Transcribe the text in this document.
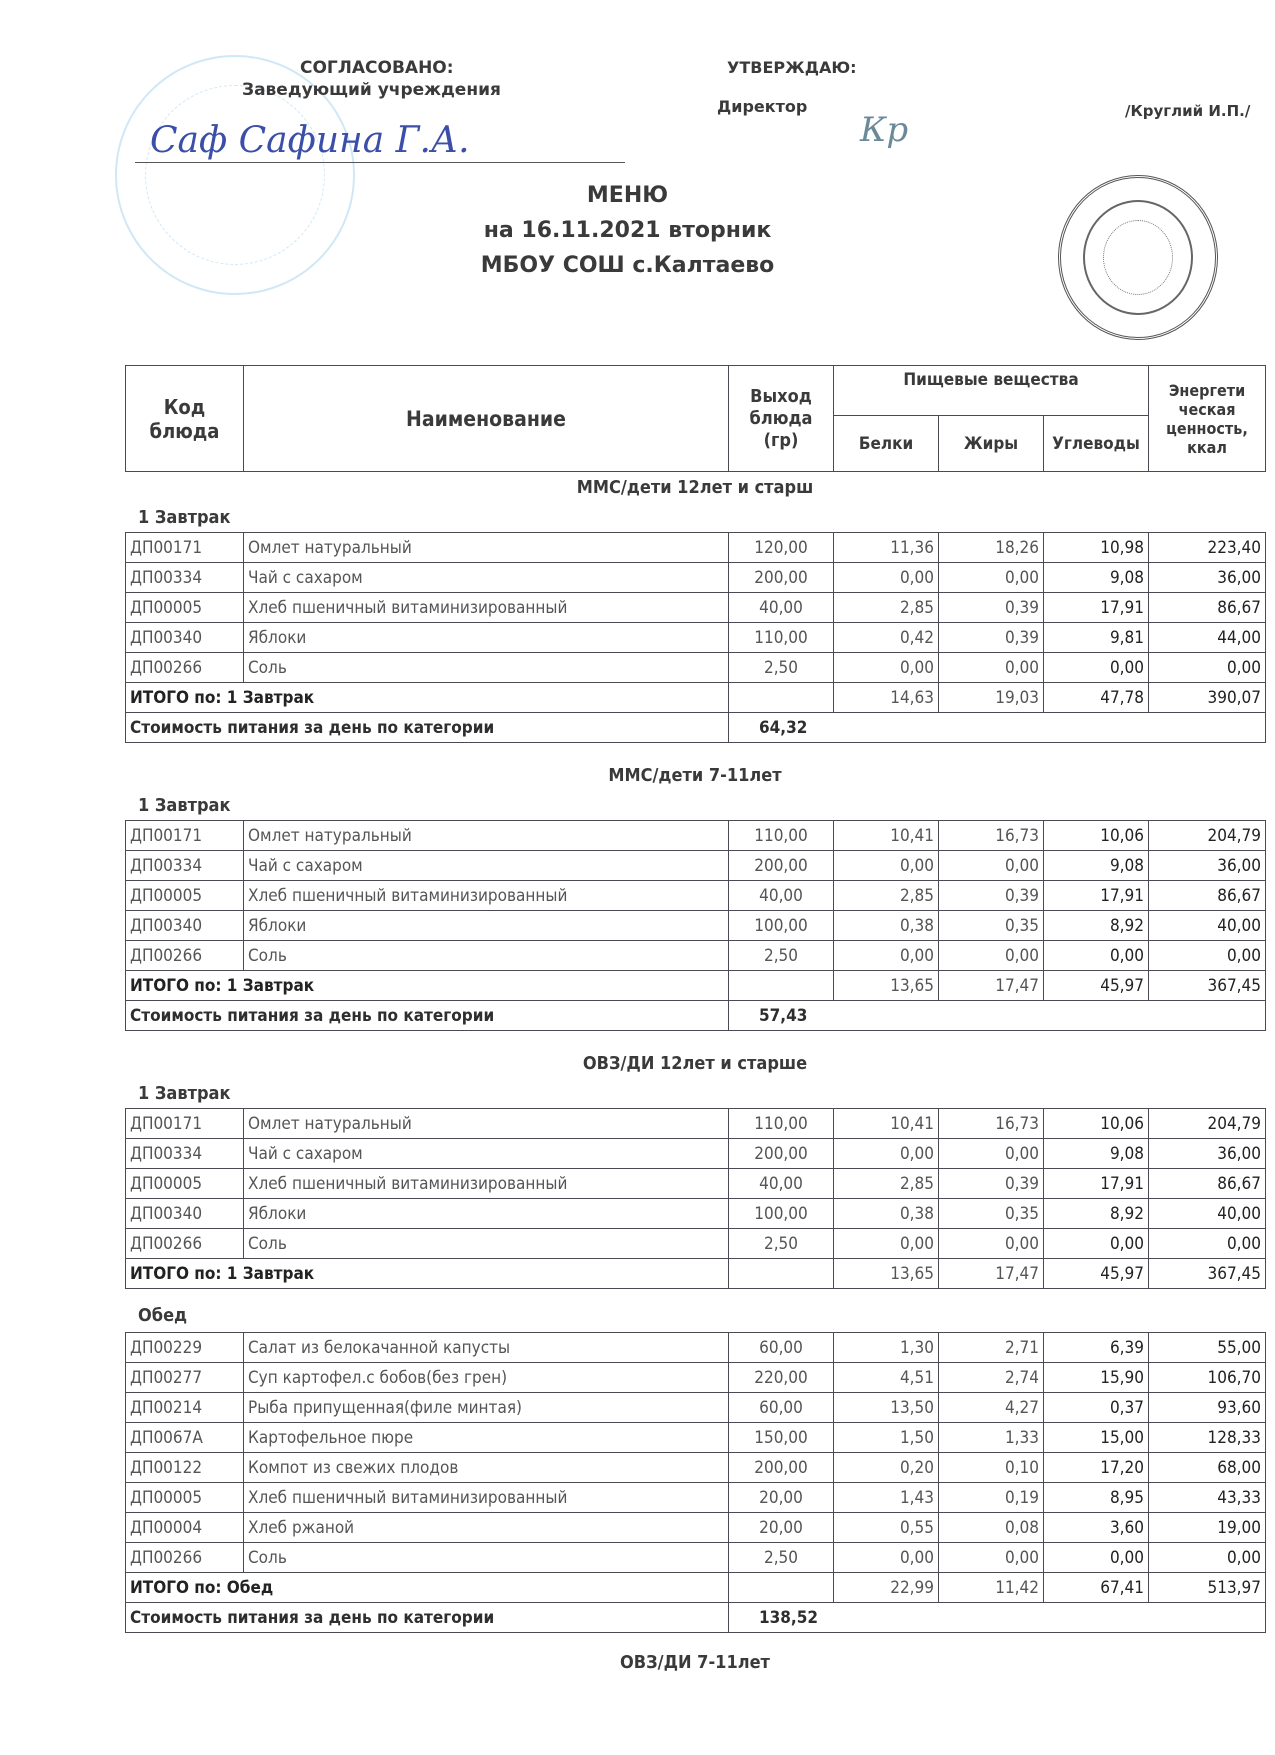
СОГЛАСОВАНО:
Заведующий учреждения
Саф Сафина Г.А.
УТВЕРЖДАЮ:
Директор
Кр	/Круглий И.П./
МЕНЮ
на 16.11.2021 вторник
МБОУ СОШ с.Калтаево
Код блюда	Наименование	Выход блюда (гр)	Пищевые вещества			Энергети ческая ценность, ккал
			Белки	Жиры	Углеводы	
ММС/дети 12лет и старш
1 Завтрак
ДП00171	Омлет натуральный	120,00	11,36	18,26	10,98	223,40
ДП00334	Чай с сахаром	200,00	0,00	0,00	9,08	36,00
ДП00005	Хлеб пшеничный витаминизированный	40,00	2,85	0,39	17,91	86,67
ДП00340	Яблоки	110,00	0,42	0,39	9,81	44,00
ДП00266	Соль	2,50	0,00	0,00	0,00	0,00
ИТОГО по: 1 Завтрак			14,63	19,03	47,78	390,07
Стоимость питания за день по категории		64,32				
ММС/дети 7-11лет
1 Завтрак
ДП00171	Омлет натуральный	110,00	10,41	16,73	10,06	204,79
ДП00334	Чай с сахаром	200,00	0,00	0,00	9,08	36,00
ДП00005	Хлеб пшеничный витаминизированный	40,00	2,85	0,39	17,91	86,67
ДП00340	Яблоки	100,00	0,38	0,35	8,92	40,00
ДП00266	Соль	2,50	0,00	0,00	0,00	0,00
ИТОГО по: 1 Завтрак			13,65	17,47	45,97	367,45
Стоимость питания за день по категории		57,43				
ОВЗ/ДИ 12лет и старше
1 Завтрак
ДП00171	Омлет натуральный	110,00	10,41	16,73	10,06	204,79
ДП00334	Чай с сахаром	200,00	0,00	0,00	9,08	36,00
ДП00005	Хлеб пшеничный витаминизированный	40,00	2,85	0,39	17,91	86,67
ДП00340	Яблоки	100,00	0,38	0,35	8,92	40,00
ДП00266	Соль	2,50	0,00	0,00	0,00	0,00
ИТОГО по: 1 Завтрак			13,65	17,47	45,97	367,45
Обед
ДП00229	Салат из белокачанной капусты	60,00	1,30	2,71	6,39	55,00
ДП00277	Суп картофел.с бобов(без грен)	220,00	4,51	2,74	15,90	106,70
ДП00214	Рыба припущенная(филе минтая)	60,00	13,50	4,27	0,37	93,60
ДП0067А	Картофельное пюре	150,00	1,50	1,33	15,00	128,33
ДП00122	Компот из свежих плодов	200,00	0,20	0,10	17,20	68,00
ДП00005	Хлеб пшеничный витаминизированный	20,00	1,43	0,19	8,95	43,33
ДП00004	Хлеб ржаной	20,00	0,55	0,08	3,60	19,00
ДП00266	Соль	2,50	0,00	0,00	0,00	0,00
ИТОГО по: Обед			22,99	11,42	67,41	513,97
Стоимость питания за день по категории		138,52				
ОВЗ/ДИ 7-11лет
